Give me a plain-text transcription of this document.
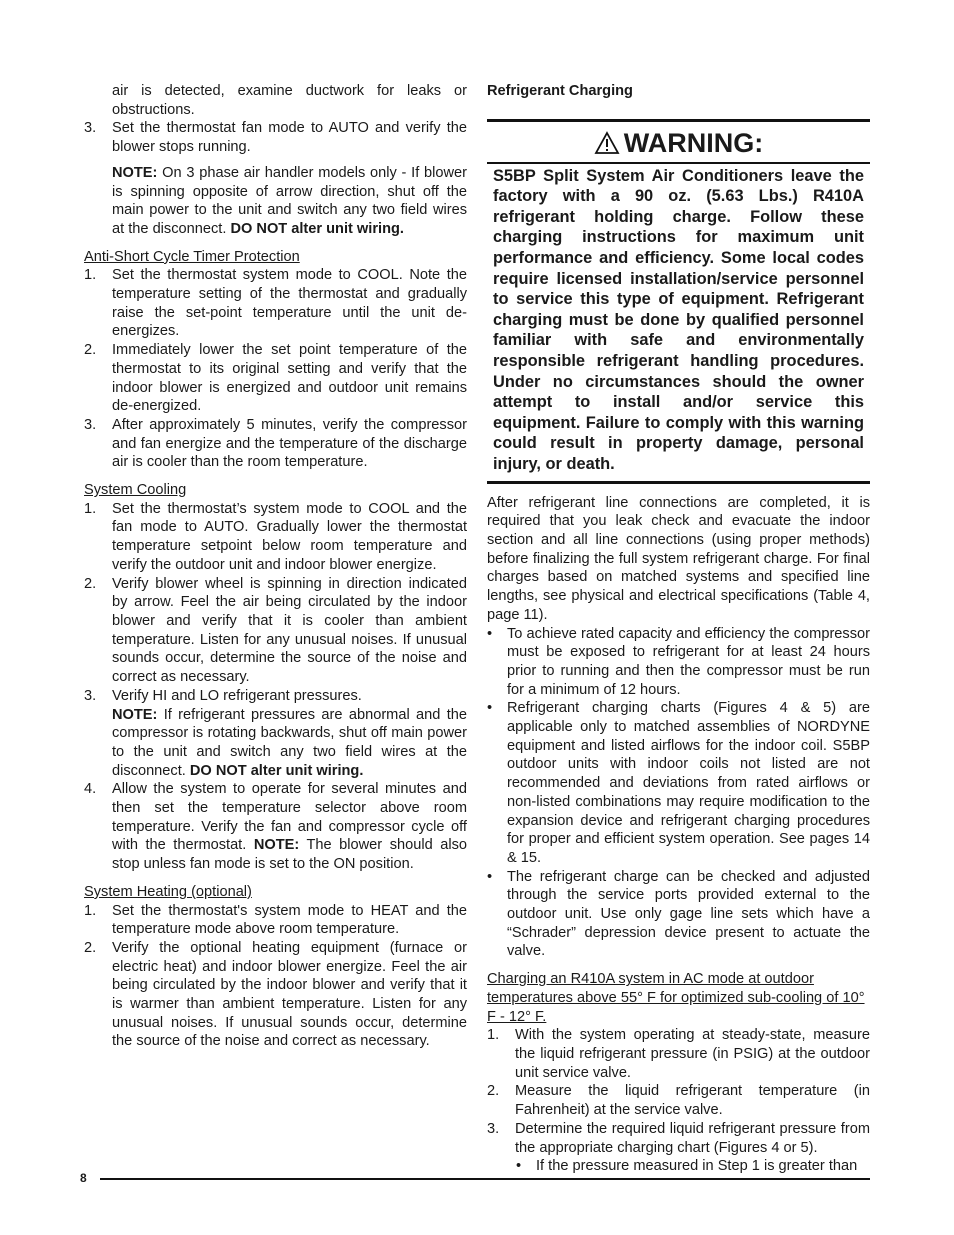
air is detected, examine ductwork for leaks or obstructions.

3. Set the thermostat fan mode to AUTO and verify the blower stops running.

NOTE: On 3 phase air handler models only - If blower is spinning opposite of arrow direction, shut off the main power to the unit and switch any two field wires at the disconnect. DO NOT alter unit wiring.

Anti-Short Cycle Timer Protection

1. Set the thermostat system mode to COOL. Note the temperature setting of the thermostat and gradually raise the set-point temperature until the unit de-energizes.
2. Immediately lower the set point temperature of the thermostat to its original setting and verify that the indoor blower is energized and outdoor unit remains de-energized.
3. After approximately 5 minutes, verify the compressor and fan energize and the temperature of the discharge air is cooler than the room temperature.

System Cooling

1. Set the thermostat’s system mode to COOL and the fan mode to AUTO. Gradually lower the thermostat temperature setpoint below room temperature and verify the outdoor unit and indoor blower energize.
2. Verify blower wheel is spinning in direction indicated by arrow. Feel the air being circulated by the indoor blower and verify that it is cooler than ambient temperature. Listen for any unusual noises. If unusual sounds occur, determine the source of the noise and correct as necessary.
3. Verify HI and LO refrigerant pressures.
NOTE: If refrigerant pressures are abnormal and the compressor is rotating backwards, shut off main power to the unit and switch any two field wires at the disconnect. DO NOT alter unit wiring.
4. Allow the system to operate for several minutes and then set the temperature selector above room temperature. Verify the fan and compressor cycle off with the thermostat. NOTE: The blower should also stop unless fan mode is set to the ON position.

System Heating (optional)

1. Set the thermostat's system mode to HEAT and the temperature mode above room temperature.
2. Verify the optional heating equipment (furnace or electric heat) and indoor blower energize. Feel the air being circulated by the indoor blower and verify that it is warmer than ambient temperature. Listen for any unusual noises. If unusual sounds occur, determine the source of the noise and correct as necessary.

Refrigerant Charging

WARNING:

S5BP Split System Air Conditioners leave the factory with a 90 oz. (5.63 Lbs.) R410A refrigerant holding charge. Follow these charging instructions for maximum unit performance and efficiency. Some local codes require licensed installation/service personnel to service this type of equipment. Refrigerant charging must be done by qualified personnel familiar with safe and environmentally responsible refrigerant handling procedures. Under no circumstances should the owner attempt to install and/or service this equipment. Failure to comply with this warning could result in property damage, personal injury, or death.

After refrigerant line connections are completed, it is required that you leak check and evacuate the indoor section and all line connections (using proper methods) before finalizing the full system refrigerant charge. For final charges based on matched systems and specified line lengths, see physical and electrical specifications (Table 4, page 11).

• To achieve rated capacity and efficiency the compressor must be exposed to refrigerant for at least 24 hours prior to running and then the compressor must be run for a minimum of 12 hours.
• Refrigerant charging charts (Figures 4 & 5) are applicable only to matched assemblies of NORDYNE equipment and listed airflows for the indoor coil. S5BP outdoor units with indoor coils not listed are not recommended and deviations from rated airflows or non-listed combinations may require modification to the expansion device and refrigerant charging procedures for proper and efficient system operation. See pages 14 & 15.
• The refrigerant charge can be checked and adjusted through the service ports provided external to the outdoor unit. Use only gage line sets which have a “Schrader” depression device present to actuate the valve.

Charging an R410A system in AC mode at outdoor temperatures above 55° F for optimized sub-cooling of 10° F - 12° F.

1. With the system operating at steady-state, measure the liquid refrigerant pressure (in PSIG) at the outdoor unit service valve.
2. Measure the liquid refrigerant temperature (in Fahrenheit) at the service valve.
3. Determine the required liquid refrigerant pressure from the appropriate charging chart (Figures 4 or 5).
• If the pressure measured in Step 1 is greater than
8
